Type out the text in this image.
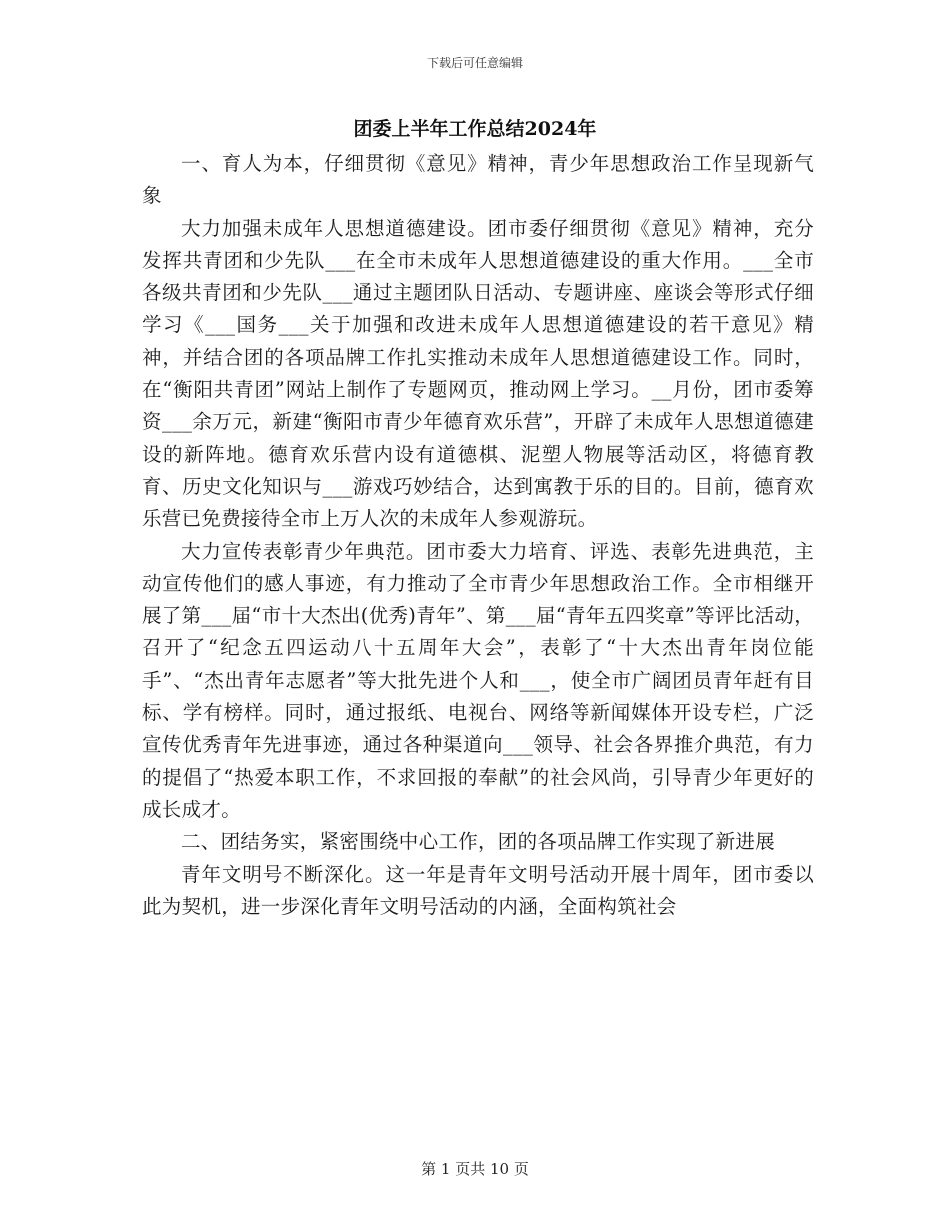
下载后可任意编辑
团委上半年工作总结2024年

一、育人为本，仔细贯彻《意见》精神，青少年思想政治工作呈现新气象

大力加强未成年人思想道德建设。团市委仔细贯彻《意见》精神，充分发挥共青团和少先队___在全市未成年人思想道德建设的重大作用。___全市各级共青团和少先队___通过主题团队日活动、专题讲座、座谈会等形式仔细学习《___国务___关于加强和改进未成年人思想道德建设的若干意见》精神，并结合团的各项品牌工作扎实推动未成年人思想道德建设工作。同时，在“衡阳共青团”网站上制作了专题网页，推动网上学习。__月份，团市委筹资___余万元，新建“衡阳市青少年德育欢乐营”，开辟了未成年人思想道德建设的新阵地。德育欢乐营内设有道德棋、泥塑人物展等活动区，将德育教育、历史文化知识与___游戏巧妙结合，达到寓教于乐的目的。目前，德育欢乐营已免费接待全市上万人次的未成年人参观游玩。

大力宣传表彰青少年典范。团市委大力培育、评选、表彰先进典范，主动宣传他们的感人事迹，有力推动了全市青少年思想政治工作。全市相继开展了第___届“市十大杰出(优秀)青年”、第___届“青年五四奖章”等评比活动，召开了“纪念五四运动八十五周年大会”，表彰了“十大杰出青年岗位能手”、“杰出青年志愿者”等大批先进个人和___，使全市广阔团员青年赶有目标、学有榜样。同时，通过报纸、电视台、网络等新闻媒体开设专栏，广泛宣传优秀青年先进事迹，通过各种渠道向___领导、社会各界推介典范，有力的提倡了“热爱本职工作，不求回报的奉献”的社会风尚，引导青少年更好的成长成才。

二、团结务实，紧密围绕中心工作，团的各项品牌工作实现了新进展

青年文明号不断深化。这一年是青年文明号活动开展十周年，团市委以此为契机，进一步深化青年文明号活动的内涵，全面构筑社会

第 1 页共 10 页
